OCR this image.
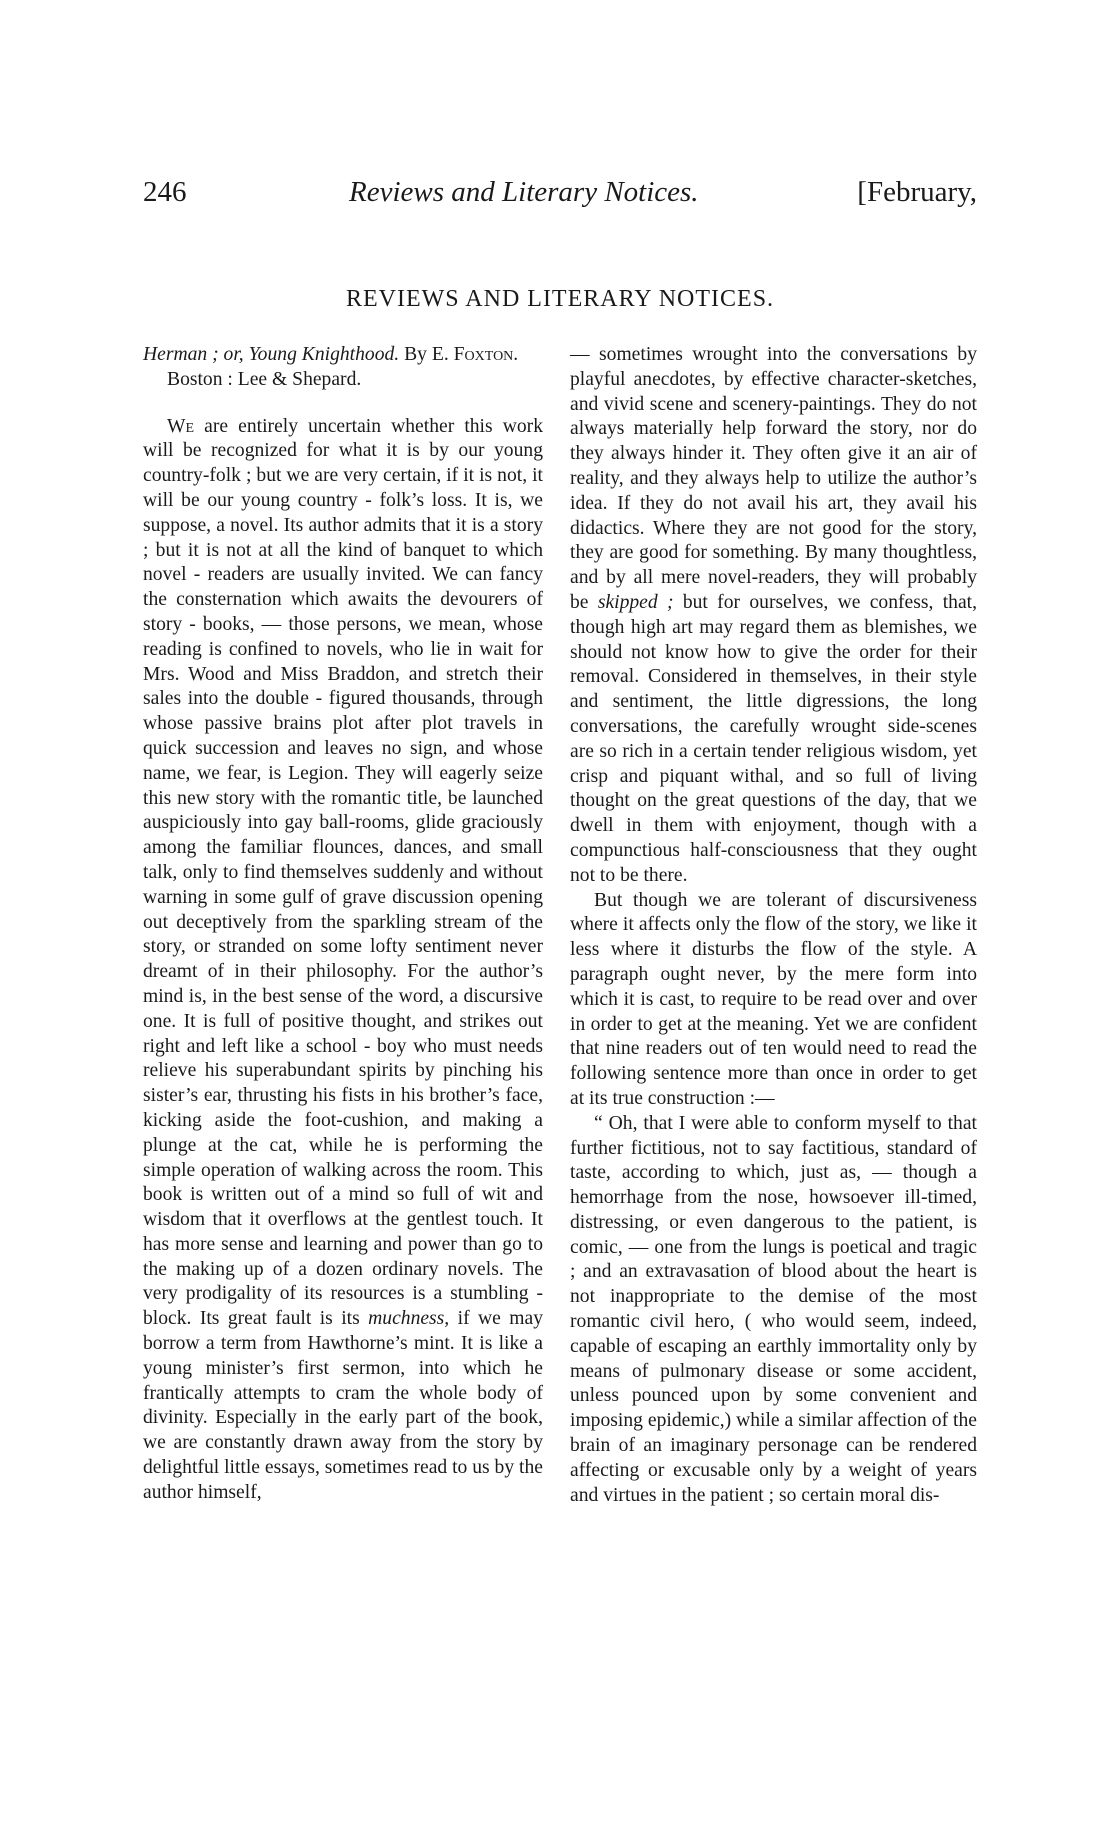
246	Reviews and Literary Notices.	[February,
REVIEWS AND LITERARY NOTICES.

Herman ; or, Young Knighthood. By E. Foxton. Boston : Lee & Shepard.

We are entirely uncertain whether this work will be recognized for what it is by our young country-folk ; but we are very certain, if it is not, it will be our young country - folk’s loss. It is, we suppose, a novel. Its author admits that it is a story ; but it is not at all the kind of banquet to which novel - readers are usually invited. We can fancy the consternation which awaits the devourers of story - books, — those persons, we mean, whose reading is confined to novels, who lie in wait for Mrs. Wood and Miss Braddon, and stretch their sales into the double - figured thousands, through whose passive brains plot after plot travels in quick succession and leaves no sign, and whose name, we fear, is Legion. They will eagerly seize this new story with the romantic title, be launched auspiciously into gay ball-rooms, glide graciously among the familiar flounces, dances, and small talk, only to find themselves suddenly and without warning in some gulf of grave discussion opening out deceptively from the sparkling stream of the story, or stranded on some lofty sentiment never dreamt of in their philosophy. For the author’s mind is, in the best sense of the word, a discursive one. It is full of positive thought, and strikes out right and left like a school - boy who must needs relieve his superabundant spirits by pinching his sister’s ear, thrusting his fists in his brother’s face, kicking aside the foot-cushion, and making a plunge at the cat, while he is performing the simple operation of walking across the room. This book is written out of a mind so full of wit and wisdom that it overflows at the gentlest touch. It has more sense and learning and power than go to the making up of a dozen ordinary novels. The very prodigality of its resources is a stumbling - block. Its great fault is its muchness, if we may borrow a term from Hawthorne’s mint. It is like a young minister’s first sermon, into which he frantically attempts to cram the whole body of divinity. Especially in the early part of the book, we are constantly drawn away from the story by delightful little essays, sometimes read to us by the author himself,

— sometimes wrought into the conversations by playful anecdotes, by effective character-sketches, and vivid scene and scenery-paintings. They do not always materially help forward the story, nor do they always hinder it. They often give it an air of reality, and they always help to utilize the author’s idea. If they do not avail his art, they avail his didactics. Where they are not good for the story, they are good for something. By many thoughtless, and by all mere novel-readers, they will probably be skipped ; but for ourselves, we confess, that, though high art may regard them as blemishes, we should not know how to give the order for their removal. Considered in themselves, in their style and sentiment, the little digressions, the long conversations, the carefully wrought side-scenes are so rich in a certain tender religious wisdom, yet crisp and piquant withal, and so full of living thought on the great questions of the day, that we dwell in them with enjoyment, though with a compunctious half-consciousness that they ought not to be there.

But though we are tolerant of discursiveness where it affects only the flow of the story, we like it less where it disturbs the flow of the style. A paragraph ought never, by the mere form into which it is cast, to require to be read over and over in order to get at the meaning. Yet we are confident that nine readers out of ten would need to read the following sentence more than once in order to get at its true construction :—

“ Oh, that I were able to conform myself to that further fictitious, not to say factitious, standard of taste, according to which, just as, — though a hemorrhage from the nose, howsoever ill-timed, distressing, or even dangerous to the patient, is comic, — one from the lungs is poetical and tragic ; and an extravasation of blood about the heart is not inappropriate to the demise of the most romantic civil hero, ( who would seem, indeed, capable of escaping an earthly immortality only by means of pulmonary disease or some accident, unless pounced upon by some convenient and imposing epidemic,) while a similar affection of the brain of an imaginary personage can be rendered affecting or excusable only by a weight of years and virtues in the patient ; so certain moral dis-
